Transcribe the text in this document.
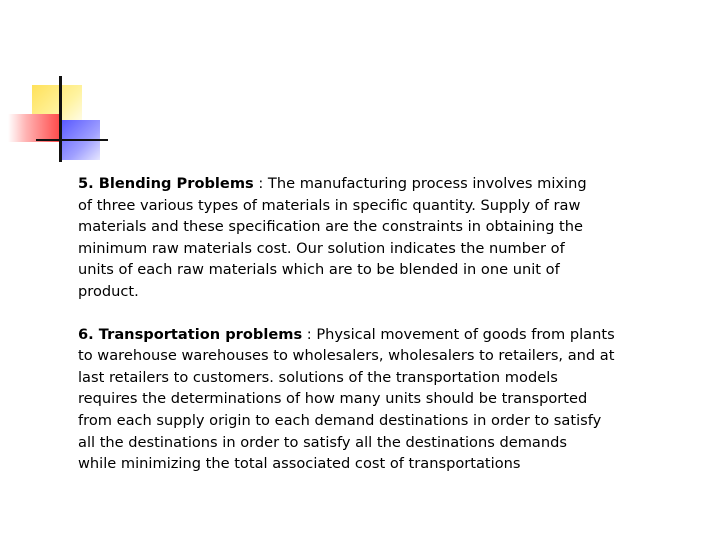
5. Blending Problems : The manufacturing process involves mixing
of three various types of materials in specific quantity. Supply of raw
materials and these specification are the constraints in obtaining the
minimum raw materials cost. Our solution indicates the number of
units of each raw materials which are to be blended in one unit of
product.

6. Transportation problems : Physical movement of goods from plants
to warehouse warehouses to wholesalers, wholesalers to retailers, and at
last retailers to customers. solutions of the transportation models
requires the determinations of how many units should be transported
from each supply origin to each demand destinations in order to satisfy
all the destinations in order to satisfy all the destinations demands
while minimizing the total associated cost of transportations
